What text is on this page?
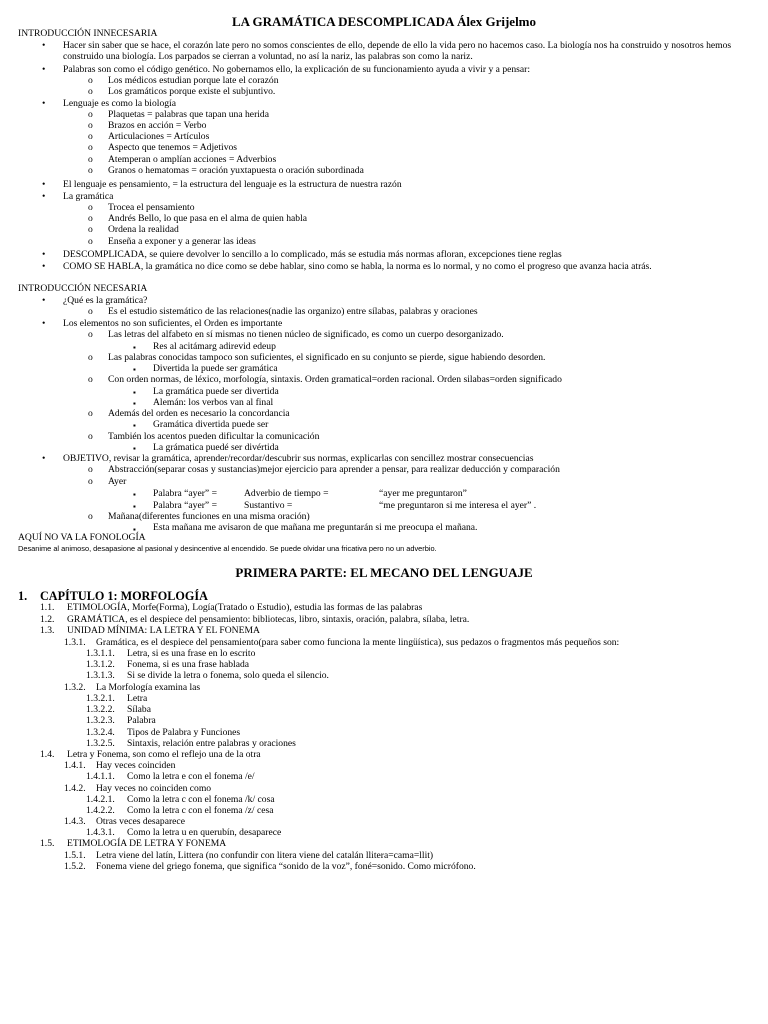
LA GRAMÁTICA DESCOMPLICADA Álex Grijelmo
INTRODUCCIÓN INNECESARIA
• Hacer sin saber que se hace, el corazón late pero no somos conscientes de ello, depende de ello la vida pero no hacemos caso. La biología nos ha construido y nosotros hemos construido una biología. Los parpados se cierran a voluntad, no así la nariz, las palabras son como la nariz.
• Palabras son como el código genético. No gobernamos ello, la explicación de su funcionamiento ayuda a vivir y a pensar:
o Los médicos estudian porque late el corazón
o Los gramáticos porque existe el subjuntivo.
• Lenguaje es como la biología
o Plaquetas = palabras que tapan una herida
o Brazos en acción = Verbo
o Articulaciones = Artículos
o Aspecto que tenemos = Adjetivos
o Atemperan o amplían acciones = Adverbios
o Granos o hematomas = oración yuxtapuesta o oración subordinada
• El lenguaje es pensamiento, = la estructura del lenguaje es la estructura de nuestra razón
• La gramática
o Trocea el pensamiento
o Andrés Bello, lo que pasa en el alma de quien habla
o Ordena la realidad
o Enseña a exponer y a generar las ideas
• DESCOMPLICADA, se quiere devolver lo sencillo a lo complicado, más se estudia más normas afloran, excepciones tiene reglas
• COMO SE HABLA, la gramática no dice como se debe hablar, sino como se habla, la norma es lo normal, y no como el progreso que avanza hacia atrás.
INTRODUCCIÓN NECESARIA
• ¿Qué es la gramática?
o Es el estudio sistemático de las relaciones(nadie las organizo) entre sílabas, palabras y oraciones
• Los elementos no son suficientes, el Orden es importante
o Las letras del alfabeto en sí mismas no tienen núcleo de significado, es como un cuerpo desorganizado.
▪ Res al acitámarg adirevid edeup
o Las palabras conocidas tampoco son suficientes, el significado en su conjunto se pierde, sigue habiendo desorden.
▪ Divertida la puede ser gramática
o Con orden normas, de léxico, morfología, sintaxis. Orden gramatical=orden racional. Orden silabas=orden significado
▪ La gramática puede ser divertida
▪ Alemán: los verbos van al final
o Además del orden es necesario la concordancia
▪ Gramática divertida puede ser
o También los acentos pueden dificultar la comunicación
▪ La grámatica puedé ser divértida
• OBJETIVO, revisar la gramática, aprender/recordar/descubrir sus normas, explicarlas con sencillez mostrar consecuencias
o Abstracción(separar cosas y sustancias)mejor ejercicio para aprender a pensar, para realizar deducción y comparación
o Ayer
▪ Palabra “ayer” =	Adverbio de tiempo =	“ayer me preguntaron”
▪ Palabra “ayer” =	Sustantivo =	“me preguntaron si me interesa el ayer” .
o Mañana(diferentes funciones en una misma oración)
▪ Esta mañana me avisaron de que mañana me preguntarán si me preocupa el mañana.
AQUÍ NO VA LA FONOLOGÍA
Desanime al animoso, desapasione al pasional y desincentive al encendido. Se puede olvidar una fricativa pero no un adverbio.
PRIMERA PARTE: EL MECANO DEL LENGUAJE
1. CAPÍTULO 1: MORFOLOGÍA
1.1. ETIMOLOGÍA, Morfe(Forma), Logía(Tratado o Estudio), estudia las formas de las palabras
1.2. GRAMÁTICA, es el despiece del pensamiento: bibliotecas, libro, sintaxis, oración, palabra, sílaba, letra.
1.3. UNIDAD MÍNIMA: LA LETRA Y EL FONEMA
1.3.1. Gramática, es el despiece del pensamiento(para saber como funciona la mente lingüística), sus pedazos o fragmentos más pequeños son:
1.3.1.1. Letra, si es una frase en lo escrito
1.3.1.2. Fonema, si es una frase hablada
1.3.1.3. Si se divide la letra o fonema, solo queda el silencio.
1.3.2. La Morfología examina las
1.3.2.1. Letra
1.3.2.2. Sílaba
1.3.2.3. Palabra
1.3.2.4. Tipos de Palabra y Funciones
1.3.2.5. Sintaxis, relación entre palabras y oraciones
1.4. Letra y Fonema, son como el reflejo una de la otra
1.4.1. Hay veces coinciden
1.4.1.1. Como la letra e con el fonema /e/
1.4.2. Hay veces no coinciden como
1.4.2.1. Como la letra c con el fonema /k/ cosa
1.4.2.2. Como la letra c con el fonema /z/ cesa
1.4.3. Otras veces desaparece
1.4.3.1. Como la letra u en querubín, desaparece
1.5. ETIMOLOGÍA DE LETRA Y FONEMA
1.5.1. Letra viene del latín, Littera (no confundir con litera viene del catalán llitera=cama=llit)
1.5.2. Fonema viene del griego fonema, que significa “sonido de la voz”, foné=sonido. Como micrófono.
